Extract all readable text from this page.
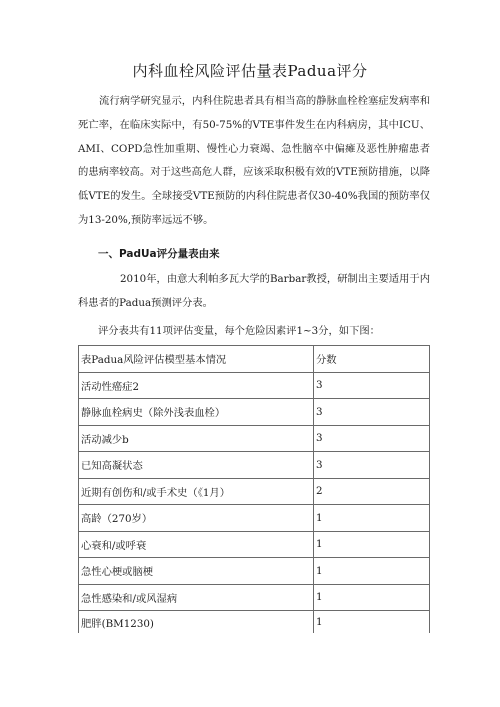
内科血栓风险评估量表Padua评分
流行病学研究显示，内科住院患者具有相当高的静脉血栓栓塞症发病率和死亡率，在临床实际中，有50-75%的VTE事件发生在内科病房，其中ICU、AMI、COPD急性加重期、慢性心力衰竭、急性脑卒中偏瘫及恶性肿瘤患者的患病率较高。对于这些高危人群，应该采取积极有效的VTE预防措施，以降低VTE的发生。全球接受VTE预防的内科住院患者仅30-40%我国的预防率仅为13-20%,预防率远远不够。
一、PadUa评分量表由来
2010年，由意大利帕多瓦大学的Barbar教授，研制出主要适用于内科患者的Padua预测评分表。
评分表共有11项评估变量，每个危险因素评1~3分，如下图：
表Padua风险评估模型基本情况	分数
活动性癌症2	3
静脉血栓病史（除外浅表血栓）	3
活动减少b	3
已知高凝状态	3
近期有创伤和/或手术史（《1月）	2
高龄（270岁）	1
心衰和/或呼衰	1
急性心梗或脑梗	1
急性感染和/或风湿病	1
肥胖(BM1230)	1
